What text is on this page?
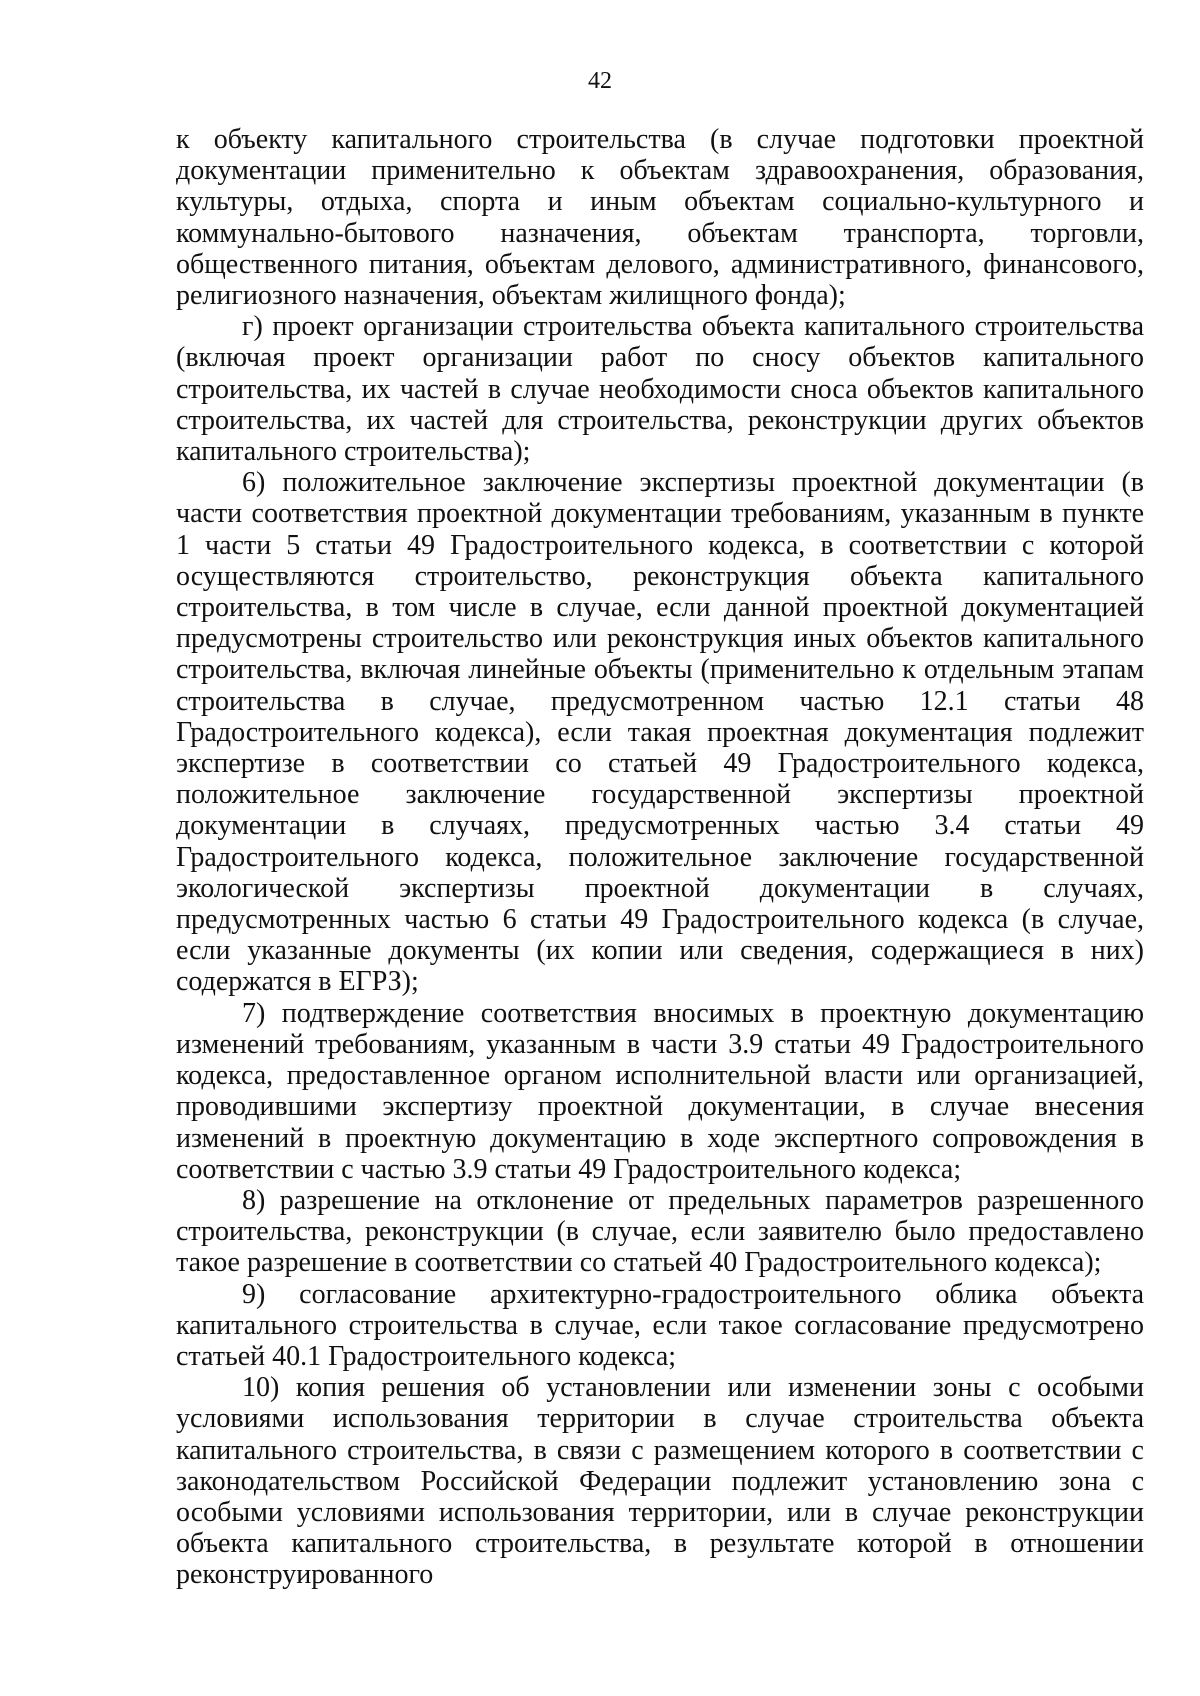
42

к объекту капитального строительства (в случае подготовки проектной документации применительно к объектам здравоохранения, образования, культуры, отдыха, спорта и иным объектам социально-культурного и коммунально-бытового назначения, объектам транспорта, торговли, общественного питания, объектам делового, административного, финансового, религиозного назначения, объектам жилищного фонда);

г) проект организации строительства объекта капитального строительства (включая проект организации работ по сносу объектов капитального строительства, их частей в случае необходимости сноса объектов капитального строительства, их частей для строительства, реконструкции других объектов капитального строительства);

6) положительное заключение экспертизы проектной документации (в части соответствия проектной документации требованиям, указанным в пункте 1 части 5 статьи 49 Градостроительного кодекса, в соответствии с которой осуществляются строительство, реконструкция объекта капитального строительства, в том числе в случае, если данной проектной документацией предусмотрены строительство или реконструкция иных объектов капитального строительства, включая линейные объекты (применительно к отдельным этапам строительства в случае, предусмотренном частью 12.1 статьи 48 Градостроительного кодекса), если такая проектная документация подлежит экспертизе в соответствии со статьей 49 Градостроительного кодекса, положительное заключение государственной экспертизы проектной документации в случаях, предусмотренных частью 3.4 статьи 49 Градостроительного кодекса, положительное заключение государственной экологической экспертизы проектной документации в случаях, предусмотренных частью 6 статьи 49 Градостроительного кодекса (в случае, если указанные документы (их копии или сведения, содержащиеся в них) содержатся в ЕГРЗ);

7) подтверждение соответствия вносимых в проектную документацию изменений требованиям, указанным в части 3.9 статьи 49 Градостроительного кодекса, предоставленное органом исполнительной власти или организацией, проводившими экспертизу проектной документации, в случае внесения изменений в проектную документацию в ходе экспертного сопровождения в соответствии с частью 3.9 статьи 49 Градостроительного кодекса;

8) разрешение на отклонение от предельных параметров разрешенного строительства, реконструкции (в случае, если заявителю было предоставлено такое разрешение в соответствии со статьей 40 Градостроительного кодекса);

9) согласование архитектурно-градостроительного облика объекта капитального строительства в случае, если такое согласование предусмотрено статьей 40.1 Градостроительного кодекса;

10) копия решения об установлении или изменении зоны с особыми условиями использования территории в случае строительства объекта капитального строительства, в связи с размещением которого в соответствии с законодательством Российской Федерации подлежит установлению зона с особыми условиями использования территории, или в случае реконструкции объекта капитального строительства, в результате которой в отношении реконструированного
